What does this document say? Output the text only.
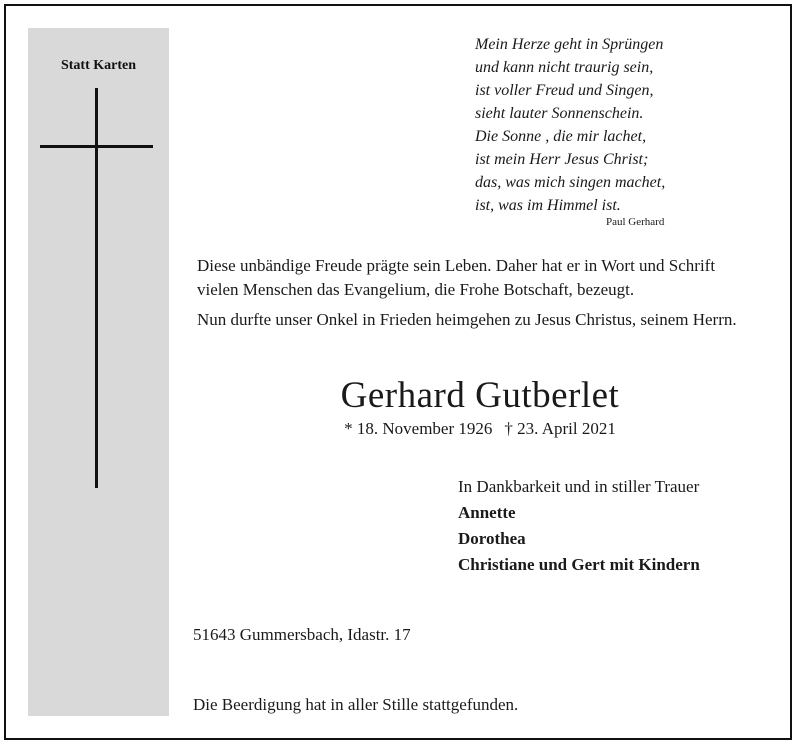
Statt Karten
Mein Herze geht in Sprüngen
und kann nicht traurig sein,
ist voller Freud und Singen,
sieht lauter Sonnenschein.
Die Sonne , die mir lachet,
ist mein Herr Jesus Christ;
das, was mich singen machet,
ist, was im Himmel ist.
Paul Gerhard
Diese unbändige Freude prägte sein Leben. Daher hat er in Wort und Schrift vielen Menschen das Evangelium, die Frohe Botschaft, bezeugt.
Nun durfte unser Onkel in Frieden heimgehen zu Jesus Christus, seinem Herrn.
Gerhard Gutberlet
* 18. November 1926 † 23. April 2021
In Dankbarkeit und in stiller Trauer
Annette
Dorothea
Christiane und Gert mit Kindern
51643 Gummersbach, Idastr. 17
Die Beerdigung hat in aller Stille stattgefunden.
